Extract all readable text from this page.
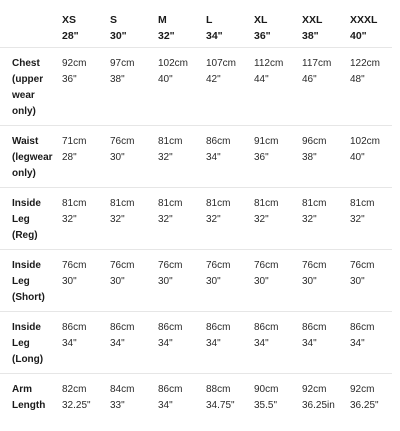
XS
28"
S
30"
M
32"
L
34"
XL
36"
XXL
38"
XXXL
40"
Chest
(upper
wear
only)
92cm
36"
97cm
38"
102cm
40"
107cm
42"
112cm
44"
117cm
46"
122cm
48"
Waist
(legwear
only)
71cm
28"
76cm
30"
81cm
32"
86cm
34"
91cm
36"
96cm
38"
102cm
40"
Inside
Leg
(Reg)
81cm
32"
81cm
32"
81cm
32"
81cm
32"
81cm
32"
81cm
32"
81cm
32"
Inside
Leg
(Short)
76cm
30"
76cm
30"
76cm
30"
76cm
30"
76cm
30"
76cm
30"
76cm
30"
Inside
Leg
(Long)
86cm
34"
86cm
34"
86cm
34"
86cm
34"
86cm
34"
86cm
34"
86cm
34"
Arm
Length
82cm
32.25"
84cm
33"
86cm
34"
88cm
34.75"
90cm
35.5"
92cm
36.25in
92cm
36.25"
